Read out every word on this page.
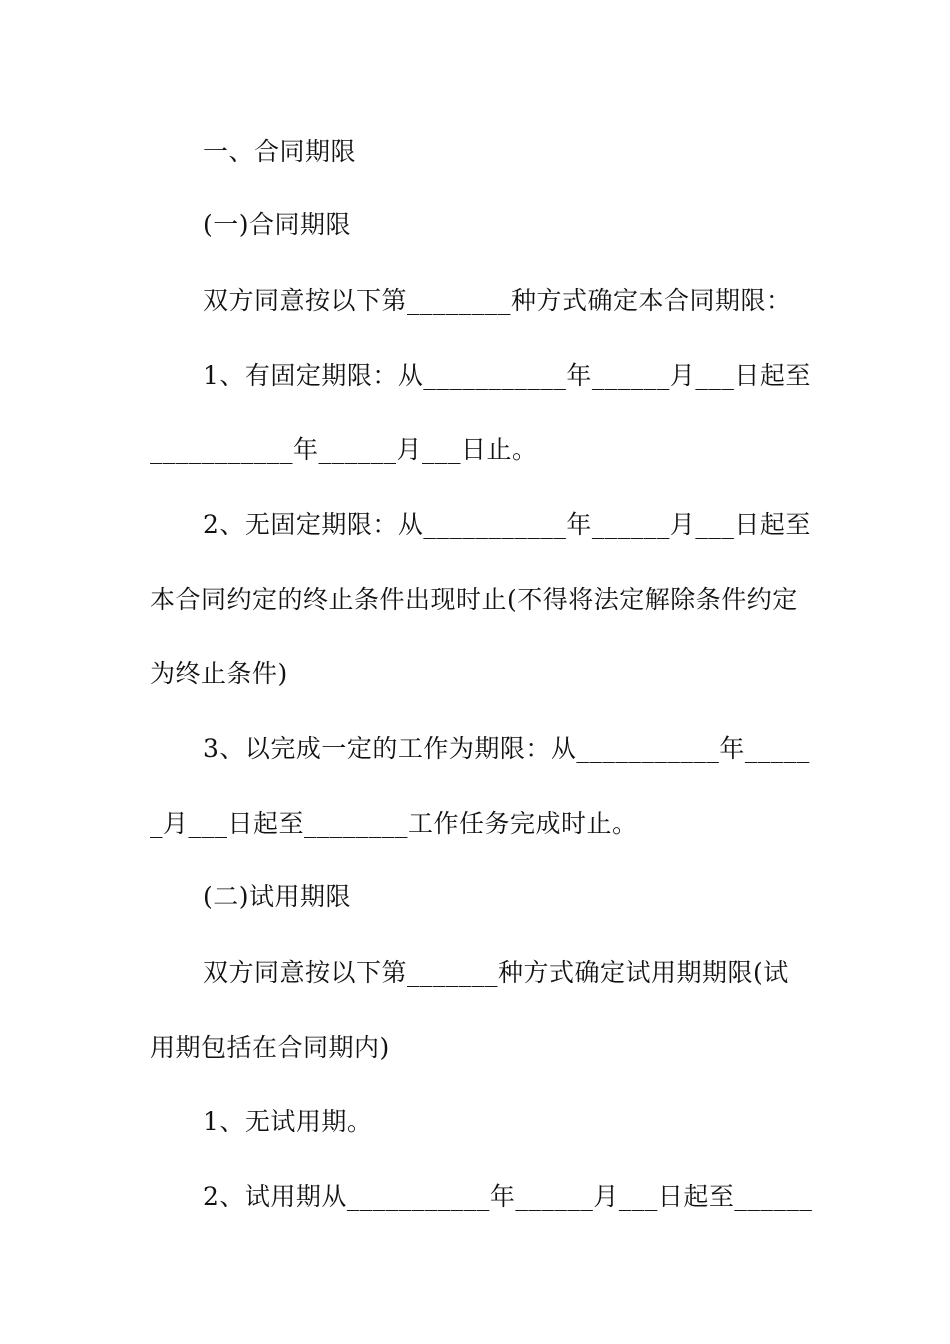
一、合同期限
(一)合同期限
双方同意按以下第________种方式确定本合同期限：
1、有固定期限：从___________年______月___日起至
___________年______月___日止。
2、无固定期限：从___________年______月___日起至
本合同约定的终止条件出现时止(不得将法定解除条件约定
为终止条件)
3、以完成一定的工作为期限：从___________年_____
_月___日起至________工作任务完成时止。
(二)试用期限
双方同意按以下第_______种方式确定试用期期限(试
用期包括在合同期内)
1、无试用期。
2、试用期从___________年______月___日起至______
